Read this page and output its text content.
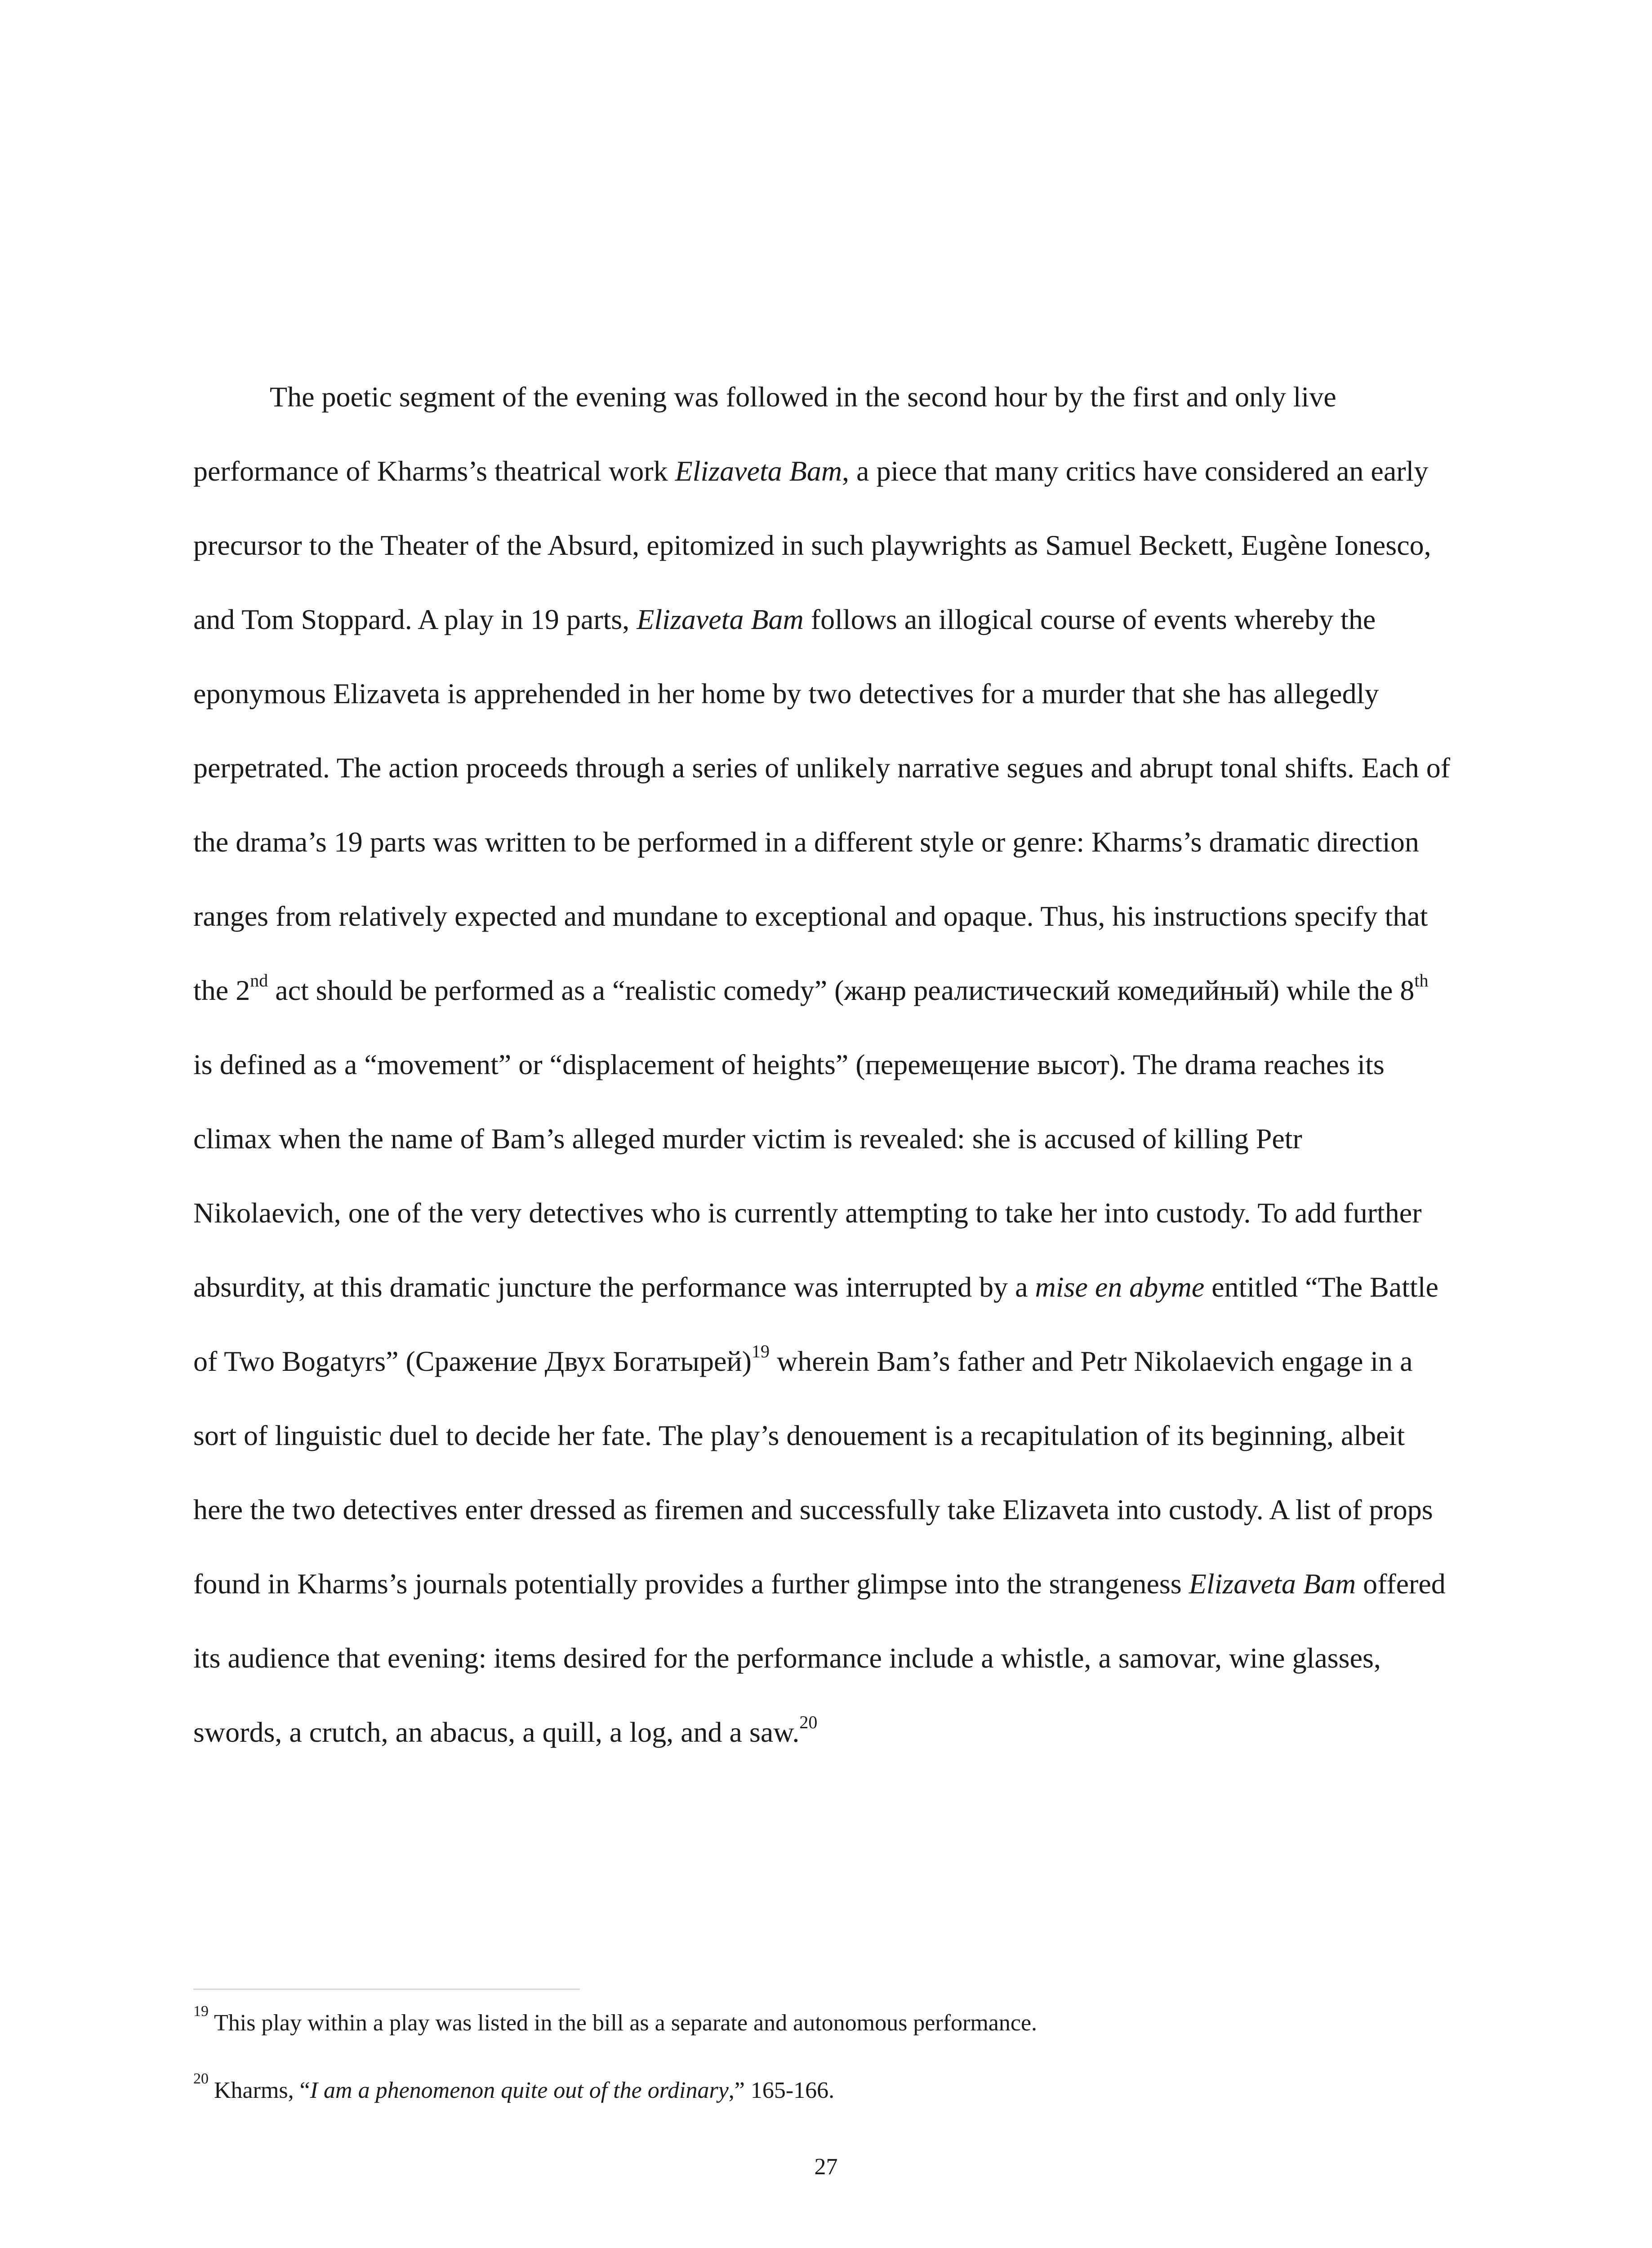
The poetic segment of the evening was followed in the second hour by the first and only live performance of Kharms’s theatrical work Elizaveta Bam, a piece that many critics have considered an early precursor to the Theater of the Absurd, epitomized in such playwrights as Samuel Beckett, Eugène Ionesco, and Tom Stoppard. A play in 19 parts, Elizaveta Bam follows an illogical course of events whereby the eponymous Elizaveta is apprehended in her home by two detectives for a murder that she has allegedly perpetrated. The action proceeds through a series of unlikely narrative segues and abrupt tonal shifts. Each of the drama’s 19 parts was written to be performed in a different style or genre: Kharms’s dramatic direction ranges from relatively expected and mundane to exceptional and opaque. Thus, his instructions specify that the 2nd act should be performed as a “realistic comedy” (жанр реалистический комедийный) while the 8th is defined as a “movement” or “displacement of heights” (перемещение высот). The drama reaches its climax when the name of Bam’s alleged murder victim is revealed: she is accused of killing Petr Nikolaevich, one of the very detectives who is currently attempting to take her into custody. To add further absurdity, at this dramatic juncture the performance was interrupted by a mise en abyme entitled “The Battle of Two Bogatyrs” (Сражение Двух Богатырей)$^{19}$ wherein Bam’s father and Petr Nikolaevich engage in a sort of linguistic duel to decide her fate. The play’s denouement is a recapitulation of its beginning, albeit here the two detectives enter dressed as firemen and successfully take Elizaveta into custody. A list of props found in Kharms’s journals potentially provides a further glimpse into the strangeness Elizaveta Bam offered its audience that evening: items desired for the performance include a whistle, a samovar, wine glasses, swords, a crutch, an abacus, a quill, a log, and a saw.$^{20}$

$^{19}$ This play within a play was listed in the bill as a separate and autonomous performance.

$^{20}$ Kharms, “I am a phenomenon quite out of the ordinary,” 165-166.

27
